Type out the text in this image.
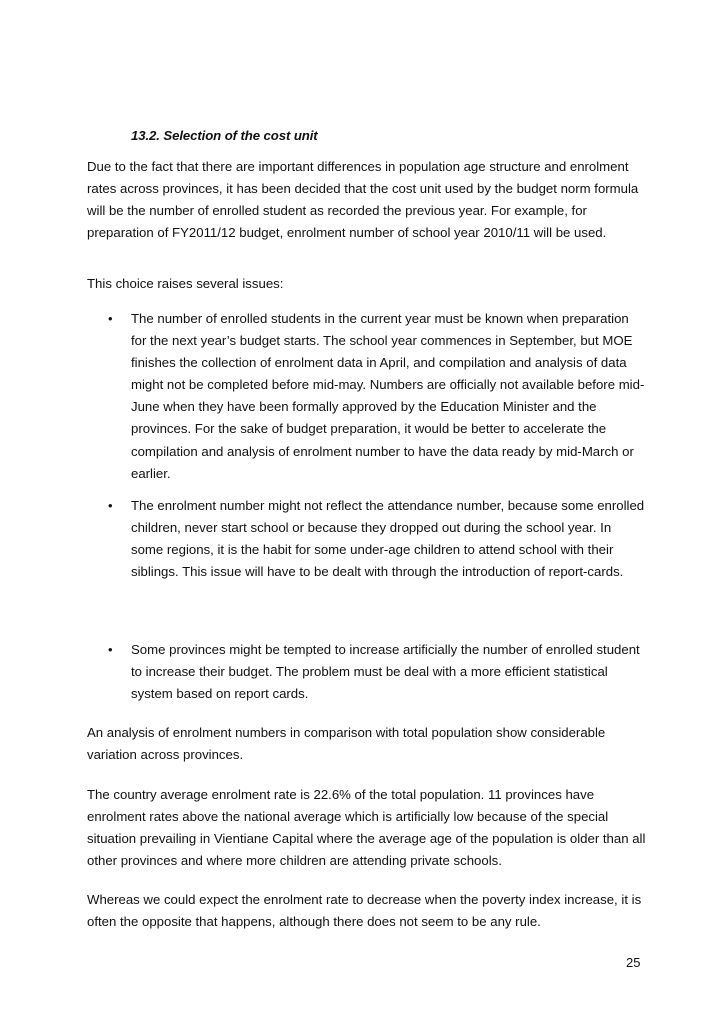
13.2. Selection of the cost unit

Due to the fact that there are important differences in population age structure and enrolment rates across provinces, it has been decided that the cost unit used by the budget norm formula will be the number of enrolled student as recorded the previous year. For example, for preparation of FY2011/12 budget, enrolment number of school year 2010/11 will be used.

This choice raises several issues:

• The number of enrolled students in the current year must be known when preparation for the next year’s budget starts. The school year commences in September, but MOE finishes the collection of enrolment data in April, and compilation and analysis of data might not be completed before mid-may. Numbers are officially not available before mid-June when they have been formally approved by the Education Minister and the provinces. For the sake of budget preparation, it would be better to accelerate the compilation and analysis of enrolment number to have the data ready by mid-March or earlier.
• The enrolment number might not reflect the attendance number, because some enrolled children, never start school or because they dropped out during the school year. In some regions, it is the habit for some under-age children to attend school with their siblings. This issue will have to be dealt with through the introduction of report-cards.
• Some provinces might be tempted to increase artificially the number of enrolled student to increase their budget. The problem must be deal with a more efficient statistical system based on report cards.

An analysis of enrolment numbers in comparison with total population show considerable variation across provinces.

The country average enrolment rate is 22.6% of the total population. 11 provinces have enrolment rates above the national average which is artificially low because of the special situation prevailing in Vientiane Capital where the average age of the population is older than all other provinces and where more children are attending private schools.

Whereas we could expect the enrolment rate to decrease when the poverty index increase, it is often the opposite that happens, although there does not seem to be any rule.

25
